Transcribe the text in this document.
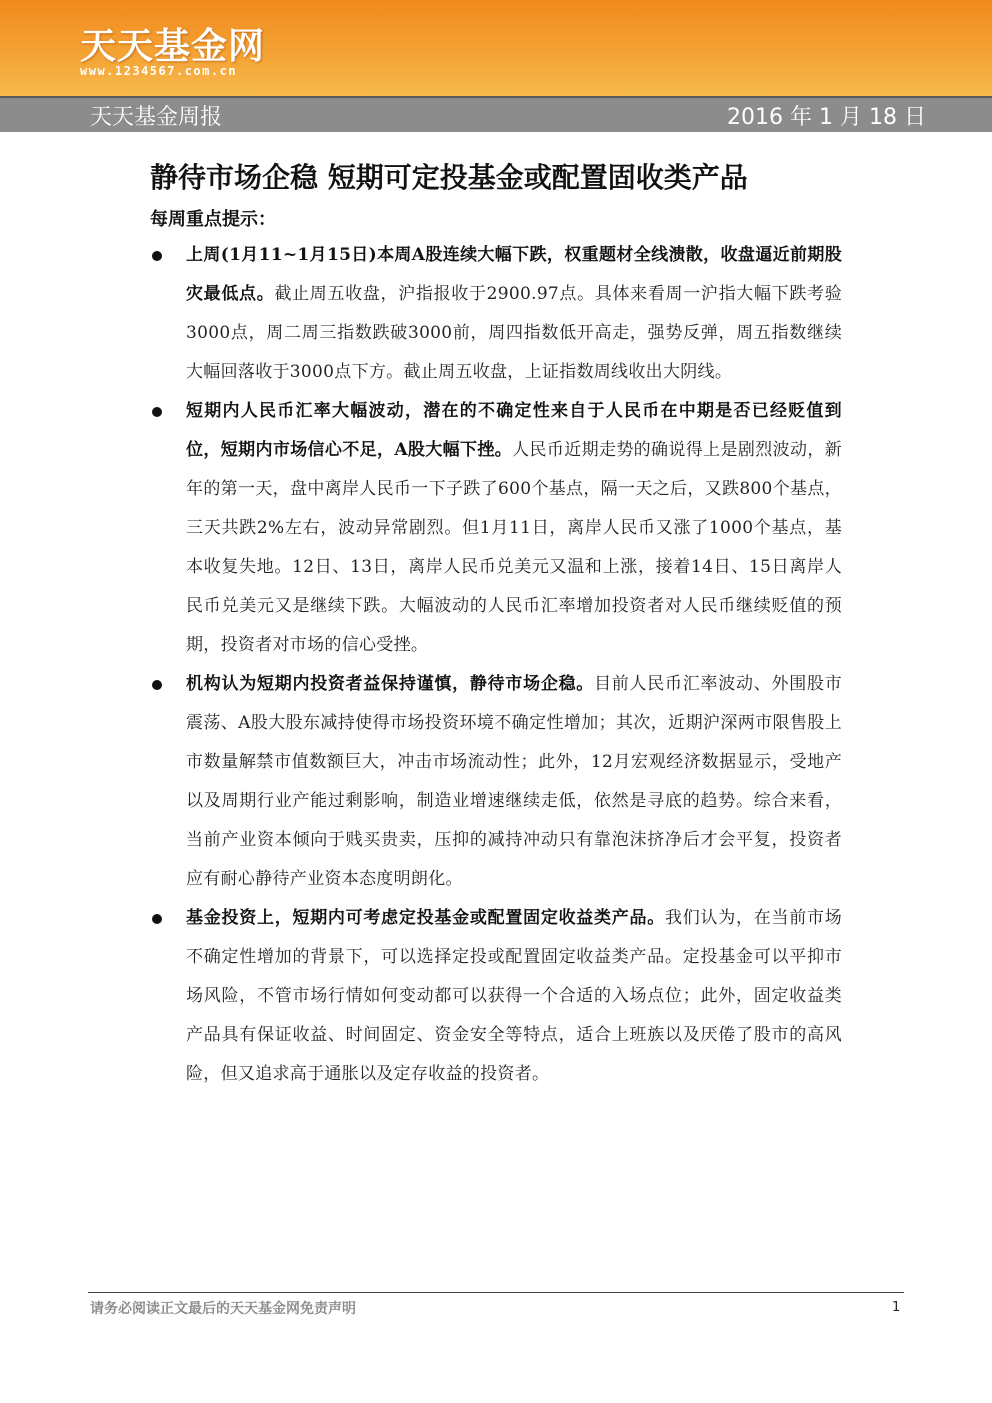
天天基金网
www.1234567.com.cn
天天基金周报	2016 年 1 月 18 日
静待市场企稳 短期可定投基金或配置固收类产品
每周重点提示：
上周(1月11~1月15日)本周A股连续大幅下跌，权重题材全线溃散，收盘逼近前期股灾最低点。截止周五收盘，沪指报收于2900.97点。具体来看周一沪指大幅下跌考验3000点，周二周三指数跌破3000前，周四指数低开高走，强势反弹，周五指数继续大幅回落收于3000点下方。截止周五收盘，上证指数周线收出大阴线。
短期内人民币汇率大幅波动，潜在的不确定性来自于人民币在中期是否已经贬值到位，短期内市场信心不足，A股大幅下挫。人民币近期走势的确说得上是剧烈波动，新年的第一天，盘中离岸人民币一下子跌了600个基点，隔一天之后，又跌800个基点，三天共跌2%左右，波动异常剧烈。但1月11日，离岸人民币又涨了1000个基点，基本收复失地。12日、13日，离岸人民币兑美元又温和上涨，接着14日、15日离岸人民币兑美元又是继续下跌。大幅波动的人民币汇率增加投资者对人民币继续贬值的预期，投资者对市场的信心受挫。
机构认为短期内投资者益保持谨慎，静待市场企稳。目前人民币汇率波动、外围股市震荡、A股大股东减持使得市场投资环境不确定性增加；其次，近期沪深两市限售股上市数量解禁市值数额巨大，冲击市场流动性；此外，12月宏观经济数据显示，受地产以及周期行业产能过剩影响，制造业增速继续走低，依然是寻底的趋势。综合来看，当前产业资本倾向于贱买贵卖，压抑的减持冲动只有靠泡沫挤净后才会平复，投资者应有耐心静待产业资本态度明朗化。
基金投资上，短期内可考虑定投基金或配置固定收益类产品。我们认为，在当前市场不确定性增加的背景下，可以选择定投或配置固定收益类产品。定投基金可以平抑市场风险，不管市场行情如何变动都可以获得一个合适的入场点位；此外，固定收益类产品具有保证收益、时间固定、资金安全等特点，适合上班族以及厌倦了股市的高风险，但又追求高于通胀以及定存收益的投资者。
请务必阅读正文最后的天天基金网免责声明	1
